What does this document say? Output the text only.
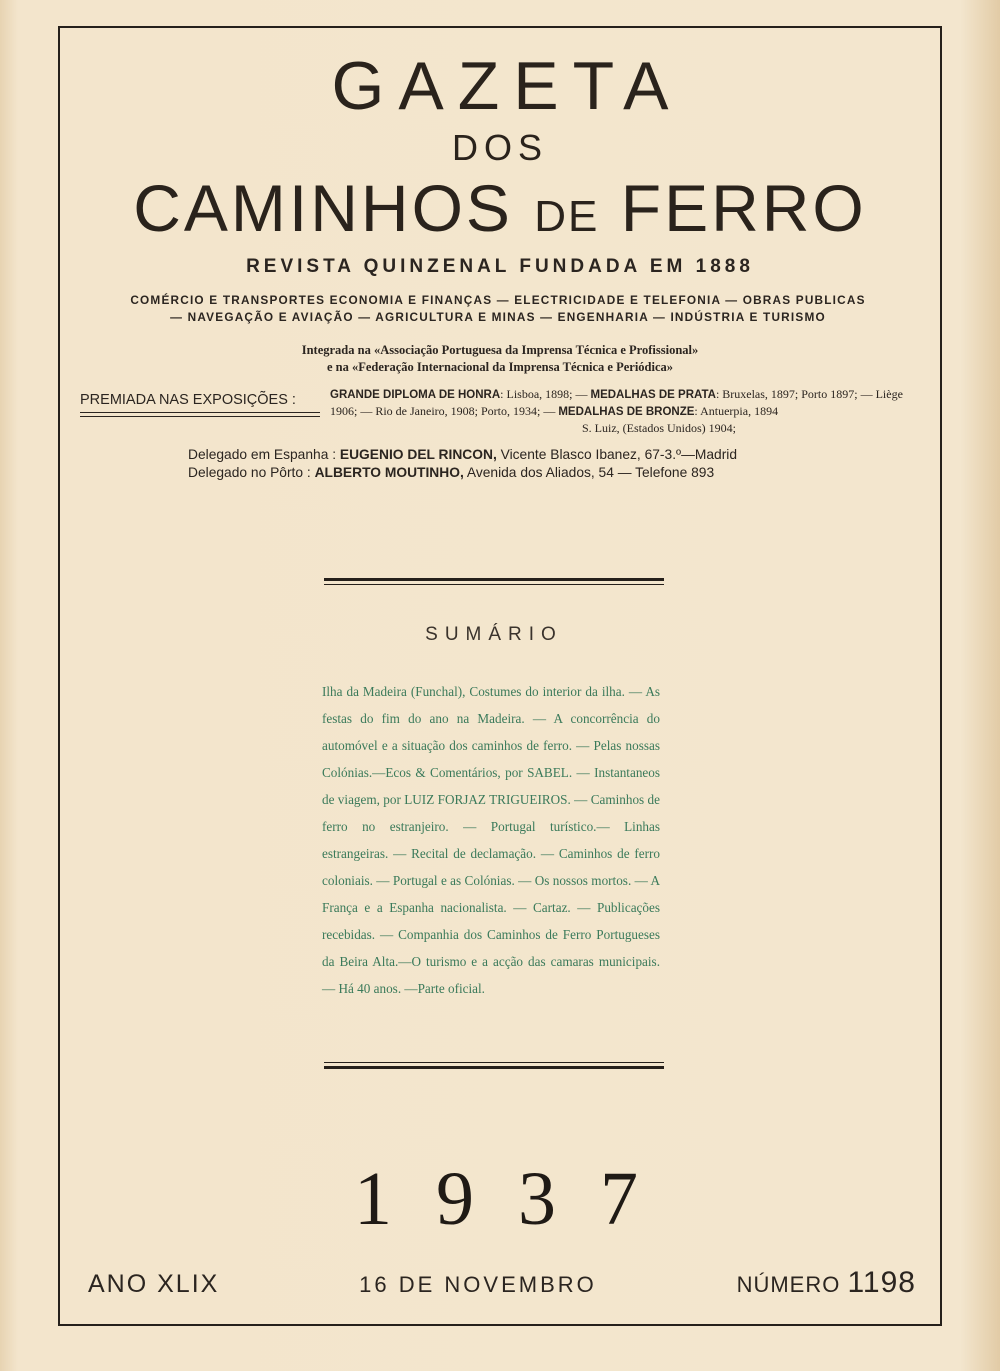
GAZETA
DOS
CAMINHOS DE FERRO
REVISTA QUINZENAL FUNDADA EM 1888
COMÉRCIO E TRANSPORTES ECONOMIA E FINANÇAS — ELECTRICIDADE E TELEFONIA — OBRAS PUBLICAS
— NAVEGAÇÃO E AVIAÇÃO — AGRICULTURA E MINAS — ENGENHARIA — INDÚSTRIA E TURISMO
Integrada na «Associação Portuguesa da Imprensa Técnica e Profissional»
e na «Federação Internacional da Imprensa Técnica e Periódica»
PREMIADA NAS EXPOSIÇÕES :	GRANDE DIPLOMA DE HONRA: Lisboa, 1898; — MEDALHAS DE PRATA: Bruxelas, 1897; Porto 1897; — Liège 1906; — Rio de Janeiro, 1908; Porto, 1934; — MEDALHAS DE BRONZE: Antuerpia, 1894
S. Luiz, (Estados Unidos) 1904;
Delegado em Espanha : EUGENIO DEL RINCON, Vicente Blasco Ibanez, 67-3.º—Madrid
Delegado no Pôrto : ALBERTO MOUTINHO, Avenida dos Aliados, 54 — Telefone 893
SUMÁRIO
Ilha da Madeira (Funchal), Costumes do interior da ilha. — As festas do fim do ano na Madeira. — A concorrência do automóvel e a situação dos caminhos de ferro. — Pelas nossas Colónias.—Ecos & Comentários, por SABEL. — Instantaneos de viagem, por LUIZ FORJAZ TRIGUEIROS. — Caminhos de ferro no estranjeiro. — Portugal turístico.— Linhas estrangeiras. — Recital de declamação. — Caminhos de ferro coloniais. — Portugal e as Colónias. — Os nossos mortos. — A França e a Espanha nacionalista. — Cartaz. — Publicações recebidas. — Companhia dos Caminhos de Ferro Portugueses da Beira Alta.—O turismo e a acção das camaras municipais. — Há 40 anos. —Parte oficial.
1937
ANO XLIX	16 DE NOVEMBRO	NÚMERO 1198
